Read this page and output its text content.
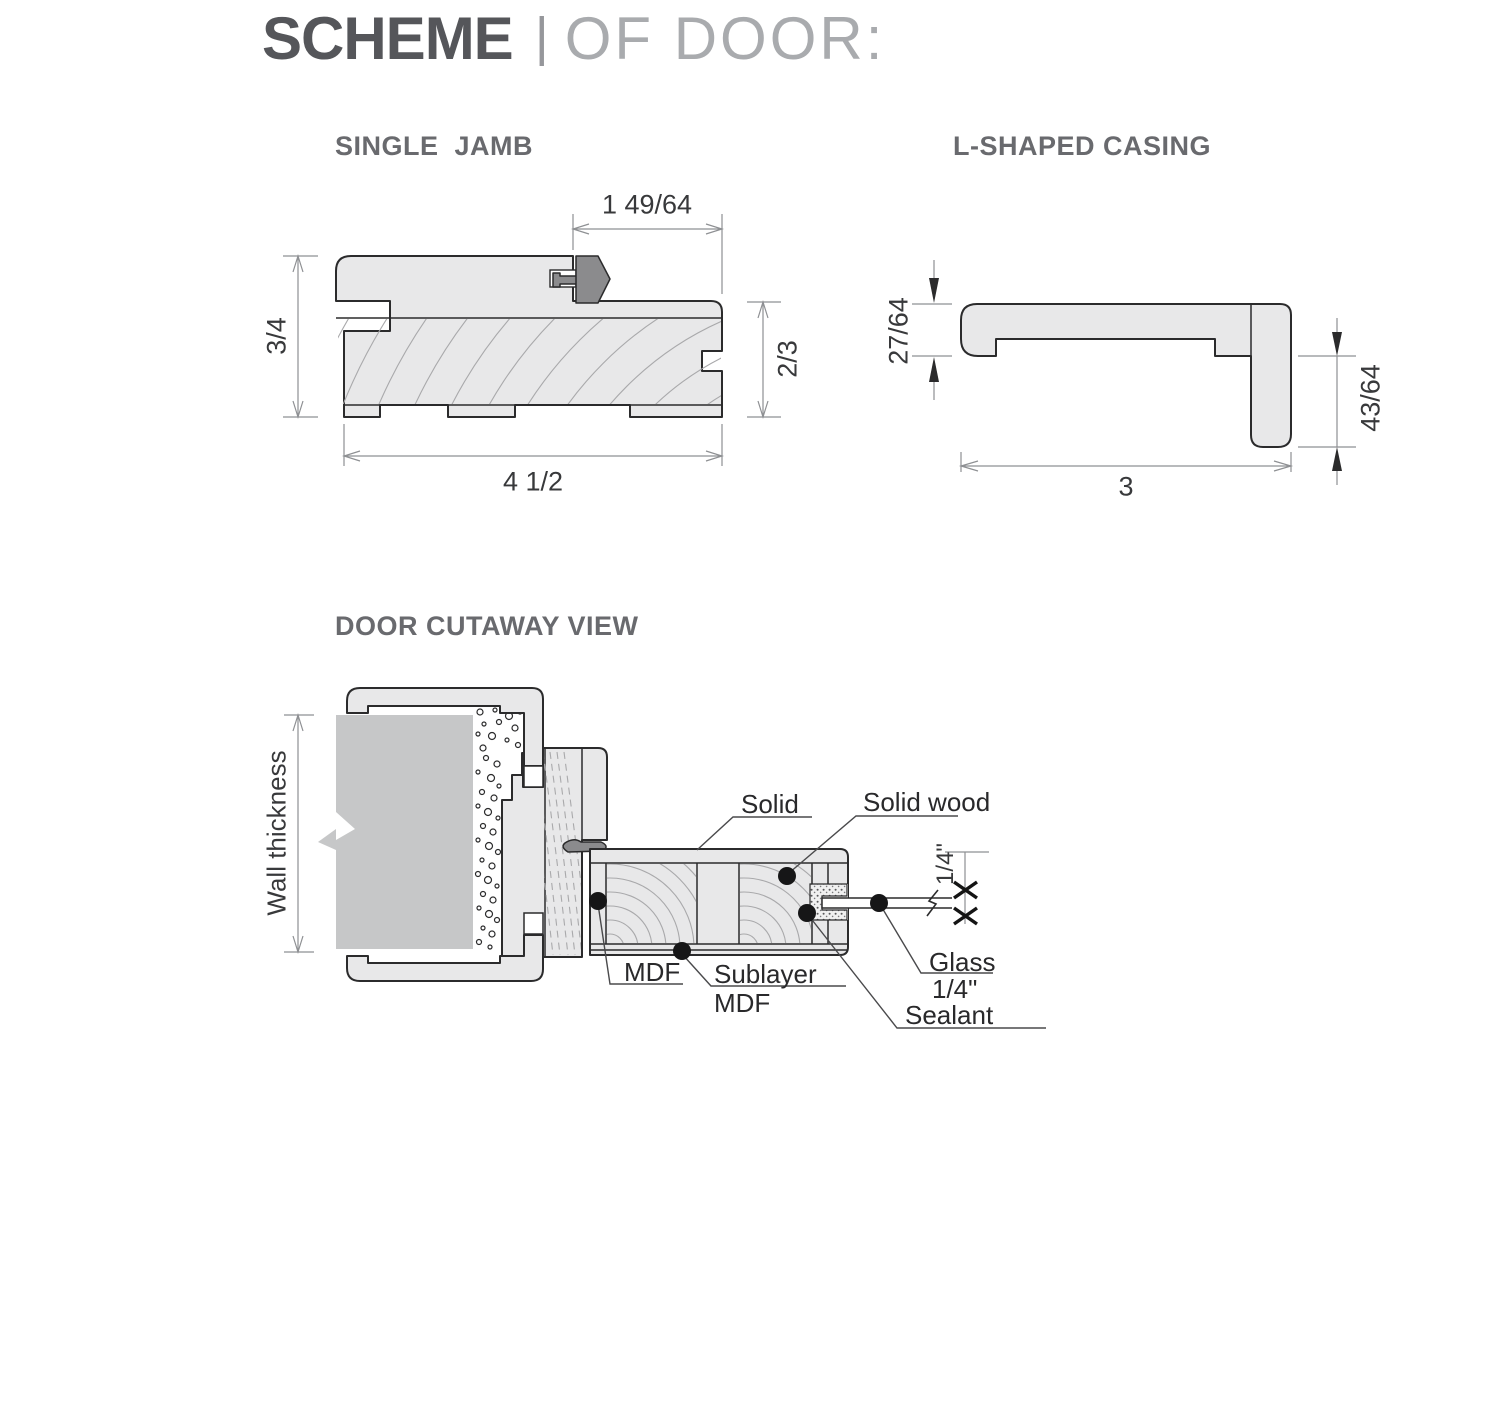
SCHEME | OF DOOR:
SINGLE  JAMB	L-SHAPED CASING
DOOR CUTAWAY VIEW
1 49/64
3/4
2/3
4 1/2
27/64
43/64
3
Wall thickness	1/4"
Solid Solid wood
MDF Sublayer
MDF
Glass
1/4"
Sealant
